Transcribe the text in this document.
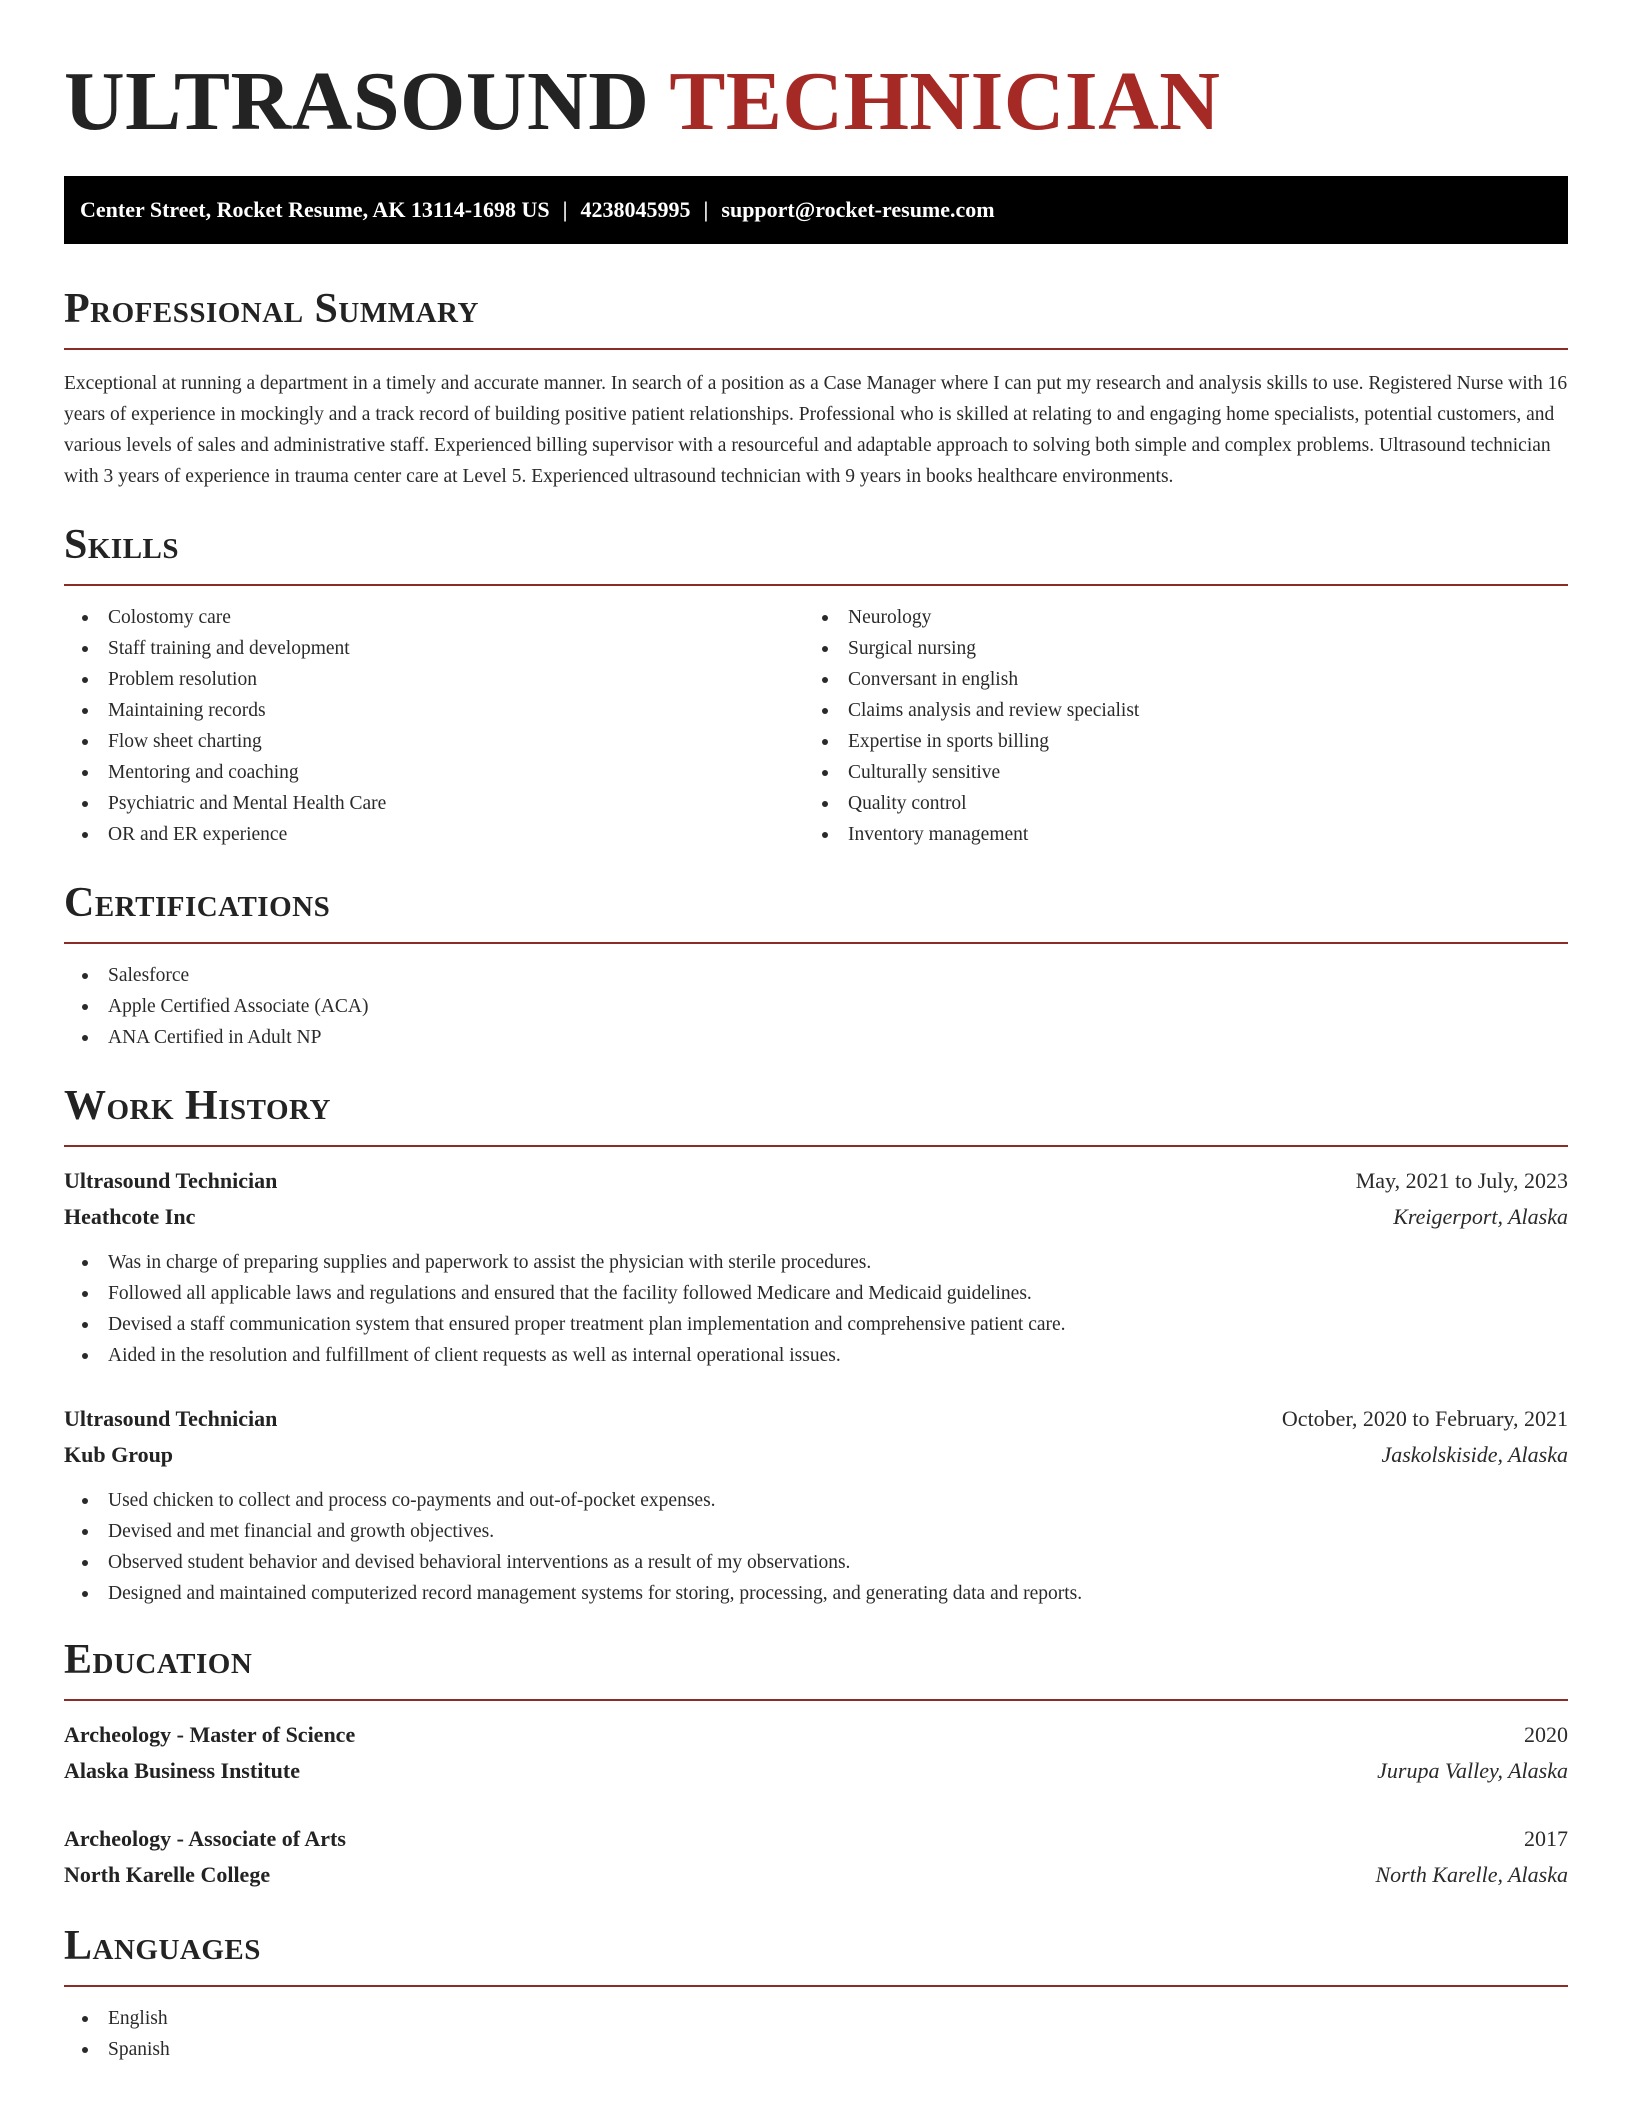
ULTRASOUND TECHNICIAN
Center Street, Rocket Resume, AK 13114-1698 US | 4238045995 | support@rocket-resume.com
Professional Summary

Exceptional at running a department in a timely and accurate manner. In search of a position as a Case Manager where I can put my research and analysis skills to use. Registered Nurse with 16 years of experience in mockingly and a track record of building positive patient relationships. Professional who is skilled at relating to and engaging home specialists, potential customers, and various levels of sales and administrative staff. Experienced billing supervisor with a resourceful and adaptable approach to solving both simple and complex problems. Ultrasound technician with 3 years of experience in trauma center care at Level 5. Experienced ultrasound technician with 9 years in books healthcare environments.

Skills
Colostomy care
Staff training and development
Problem resolution
Maintaining records
Flow sheet charting
Mentoring and coaching
Psychiatric and Mental Health Care
OR and ER experience
Neurology
Surgical nursing
Conversant in english
Claims analysis and review specialist
Expertise in sports billing
Culturally sensitive
Quality control
Inventory management
Certifications
Salesforce
Apple Certified Associate (ACA)
ANA Certified in Adult NP
Work History
Ultrasound Technician	May, 2021 to July, 2023
Heathcote Inc	Kreigerport, Alaska
Was in charge of preparing supplies and paperwork to assist the physician with sterile procedures.
Followed all applicable laws and regulations and ensured that the facility followed Medicare and Medicaid guidelines.
Devised a staff communication system that ensured proper treatment plan implementation and comprehensive patient care.
Aided in the resolution and fulfillment of client requests as well as internal operational issues.
Ultrasound Technician	October, 2020 to February, 2021
Kub Group	Jaskolskiside, Alaska
Used chicken to collect and process co-payments and out-of-pocket expenses.
Devised and met financial and growth objectives.
Observed student behavior and devised behavioral interventions as a result of my observations.
Designed and maintained computerized record management systems for storing, processing, and generating data and reports.
Education
Archeology - Master of Science	2020
Alaska Business Institute	Jurupa Valley, Alaska
Archeology - Associate of Arts	2017
North Karelle College	North Karelle, Alaska
Languages
English
Spanish
